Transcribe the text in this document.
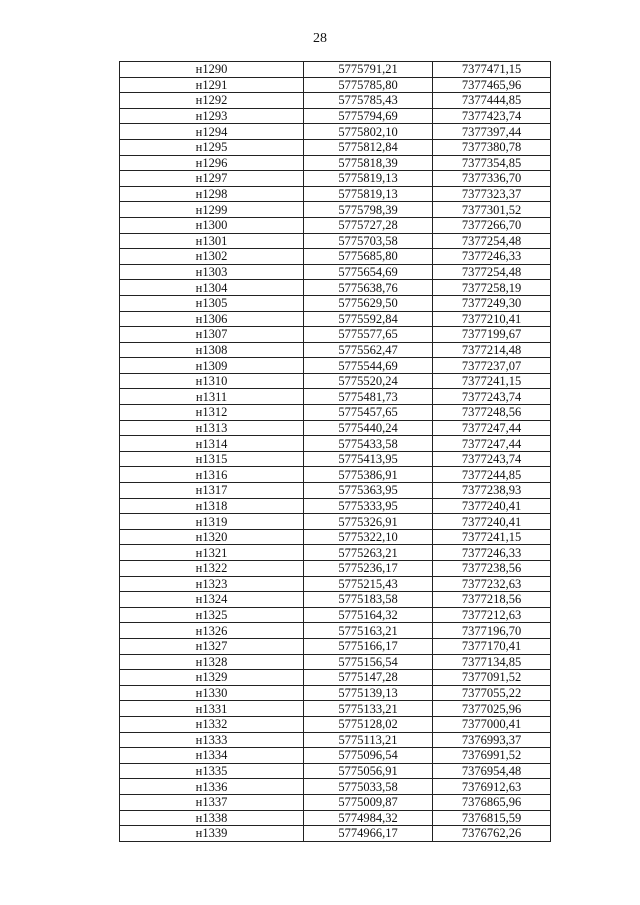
28
н1290	5775791,21	7377471,15
н1291	5775785,80	7377465,96
н1292	5775785,43	7377444,85
н1293	5775794,69	7377423,74
н1294	5775802,10	7377397,44
н1295	5775812,84	7377380,78
н1296	5775818,39	7377354,85
н1297	5775819,13	7377336,70
н1298	5775819,13	7377323,37
н1299	5775798,39	7377301,52
н1300	5775727,28	7377266,70
н1301	5775703,58	7377254,48
н1302	5775685,80	7377246,33
н1303	5775654,69	7377254,48
н1304	5775638,76	7377258,19
н1305	5775629,50	7377249,30
н1306	5775592,84	7377210,41
н1307	5775577,65	7377199,67
н1308	5775562,47	7377214,48
н1309	5775544,69	7377237,07
н1310	5775520,24	7377241,15
н1311	5775481,73	7377243,74
н1312	5775457,65	7377248,56
н1313	5775440,24	7377247,44
н1314	5775433,58	7377247,44
н1315	5775413,95	7377243,74
н1316	5775386,91	7377244,85
н1317	5775363,95	7377238,93
н1318	5775333,95	7377240,41
н1319	5775326,91	7377240,41
н1320	5775322,10	7377241,15
н1321	5775263,21	7377246,33
н1322	5775236,17	7377238,56
н1323	5775215,43	7377232,63
н1324	5775183,58	7377218,56
н1325	5775164,32	7377212,63
н1326	5775163,21	7377196,70
н1327	5775166,17	7377170,41
н1328	5775156,54	7377134,85
н1329	5775147,28	7377091,52
н1330	5775139,13	7377055,22
н1331	5775133,21	7377025,96
н1332	5775128,02	7377000,41
н1333	5775113,21	7376993,37
н1334	5775096,54	7376991,52
н1335	5775056,91	7376954,48
н1336	5775033,58	7376912,63
н1337	5775009,87	7376865,96
н1338	5774984,32	7376815,59
н1339	5774966,17	7376762,26
